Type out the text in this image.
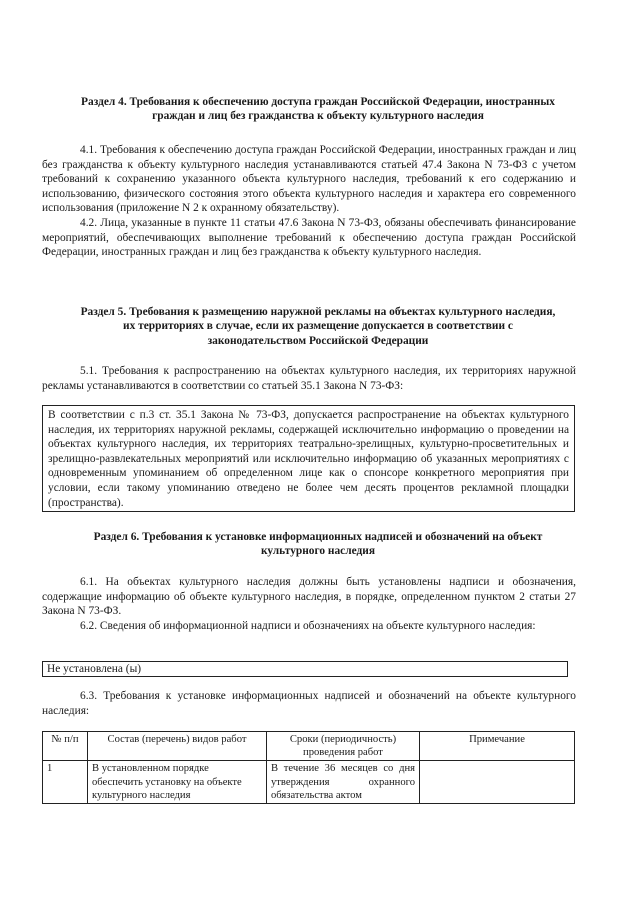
Раздел 4. Требования к обеспечению доступа граждан Российской Федерации, иностранных
граждан и лиц без гражданства к объекту культурного наследия

4.1. Требования к обеспечению доступа граждан Российской Федерации, иностранных граждан и лиц без гражданства к объекту культурного наследия устанавливаются статьей 47.4 Закона N 73-ФЗ с учетом требований к сохранению указанного объекта культурного наследия, требований к его содержанию и использованию, физического состояния этого объекта культурного наследия и характера его современного использования (приложение N 2 к охранному обязательству).

4.2. Лица, указанные в пункте 11 статьи 47.6 Закона N 73-ФЗ, обязаны обеспечивать финансирование мероприятий, обеспечивающих выполнение требований к обеспечению доступа граждан Российской Федерации, иностранных граждан и лиц без гражданства к объекту культурного наследия.

Раздел 5. Требования к размещению наружной рекламы на объектах культурного наследия,
их территориях в случае, если их размещение допускается в соответствии с
законодательством Российской Федерации

5.1. Требования к распространению на объектах культурного наследия, их территориях наружной рекламы устанавливаются в соответствии со статьей 35.1 Закона N 73-ФЗ:

В соответствии с п.3 ст. 35.1 Закона № 73-ФЗ, допускается распространение на объектах культурного наследия, их территориях наружной рекламы, содержащей исключительно информацию о проведении на объектах культурного наследия, их территориях театрально-зрелищных, культурно-просветительных и зрелищно-развлекательных мероприятий или исключительно информацию об указанных мероприятиях с одновременным упоминанием об определенном лице как о спонсоре конкретного мероприятия при условии, если такому упоминанию отведено не более чем десять процентов рекламной площадки (пространства).
Раздел 6. Требования к установке информационных надписей и обозначений на объект
культурного наследия

6.1. На объектах культурного наследия должны быть установлены надписи и обозначения, содержащие информацию об объекте культурного наследия, в порядке, определенном пунктом 2 статьи 27 Закона N 73-ФЗ.

6.2. Сведения об информационной надписи и обозначениях на объекте культурного наследия:

Не установлена (ы)

6.3. Требования к установке информационных надписей и обозначений на объекте культурного наследия:

№ п/п	Состав (перечень) видов работ	Сроки (периодичность) проведения работ	Примечание
1	В установленном порядке обеспечить установку на объекте культурного наследия	В течение 36 месяцев со дня утверждения охранного обязательства актом	
